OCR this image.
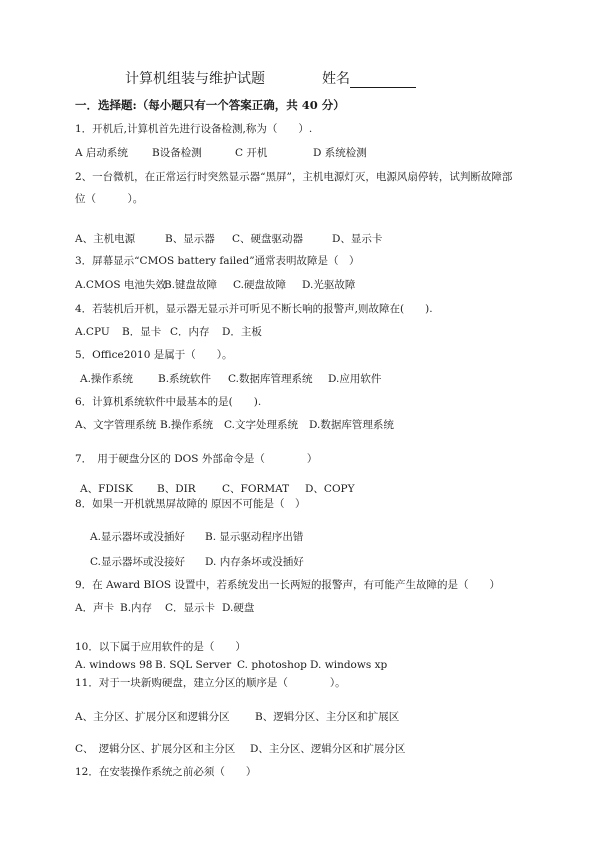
计算机组装与维护试题	姓名
一．选择题:（每小题只有一个答案正确，共 40 分）
1．开机后,计算机首先进行设备检测,称为（　　）.
A 启动系统 B设备检测	C 开机	D 系统检测
2、一台微机，在正常运行时突然显示器“黑屏”，主机电源灯灭，电源风扇停转，试判断故障部
位（　　　）。
A、主机电源	B、显示器 C、硬盘驱动器	D、显示卡
3．屏幕显示“CMOS battery failed”通常表明故障是（　）
A.CMOS 电池失效
B.键盘故障 C.硬盘故障 D.光驱故障
4．若装机后开机，显示器无显示并可听见不断长响的报警声,则故障在(　　).
A.CPU B．显卡 C．内存 D．主板
5．Office2010 是属于（　　）。
A.操作系统 B.系统软件 C.数据库管理系统 D.应用软件
6．计算机系统软件中最基本的是(　　).
A、文字管理系统 B.操作系统 C.文字处理系统 D.数据库管理系统
7．　用于硬盘分区的 DOS 外部命令是（　　　　）
A、FDISK B、DIR	C、FORMAT D、COPY
8．如果一开机就黑屏故障的 原因不可能是（　）
A.显示器坏或没插好 B. 显示驱动程序出错
C.显示器坏或没接好 D. 内存条坏或没插好
9．在 Award BIOS 设置中，若系统发出一长两短的报警声，有可能产生故障的是（　　）
A．声卡 B.内存 C．显示卡 D.硬盘
10．以下属于应用软件的是（　　）
A. windows 98 B. SQL Server C. photoshop D. windows xp
11．对于一块新购硬盘，建立分区的顺序是（　　　　）。
A、主分区、扩展分区和逻辑分区 B、逻辑分区、主分区和扩展区
C、　逻辑分区、扩展分区和主分区 D、主分区、逻辑分区和扩展分区
12．在安装操作系统之前必须（　　）
